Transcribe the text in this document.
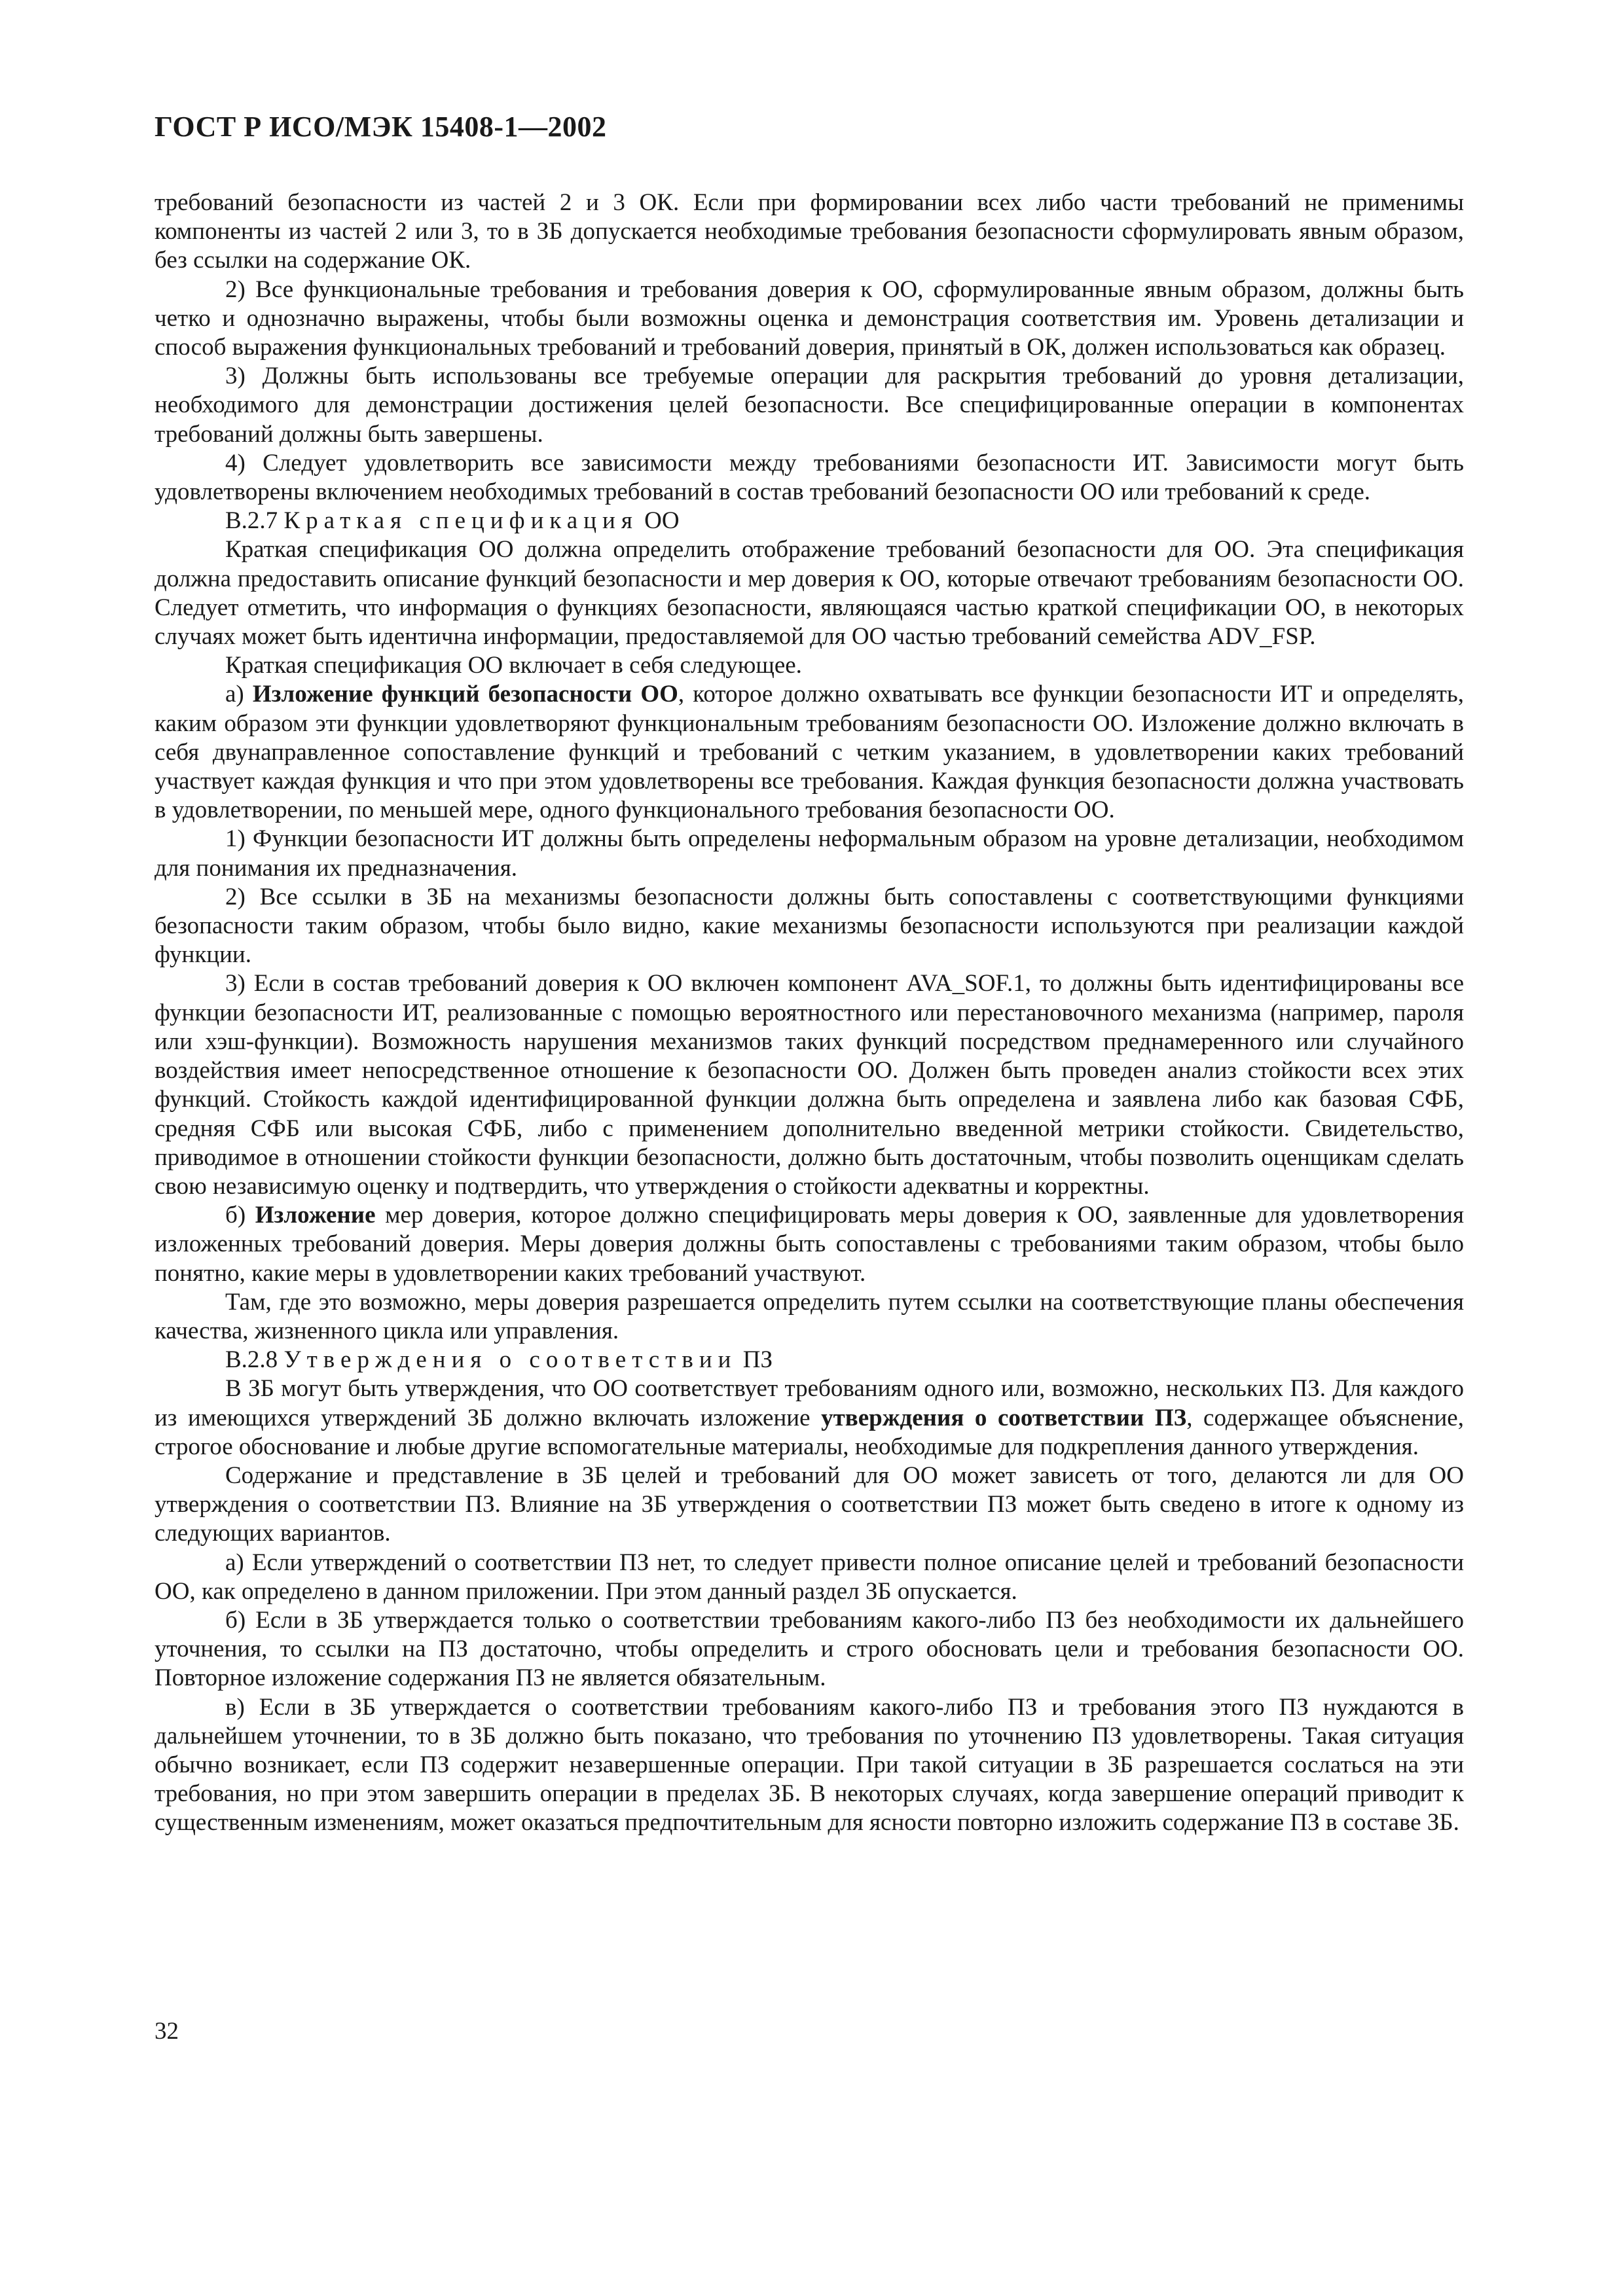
ГОСТ Р ИСО/МЭК 15408-1—2002

требований безопасности из частей 2 и 3 ОК. Если при формировании всех либо части требований не применимы компоненты из частей 2 или 3, то в ЗБ допускается необходимые требования безопасности сформулировать явным образом, без ссылки на содержание ОК.

2) Все функциональные требования и требования доверия к ОО, сформулированные явным образом, должны быть четко и однозначно выражены, чтобы были возможны оценка и демонстрация соответствия им. Уровень детализации и способ выражения функциональных требований и требований доверия, принятый в ОК, должен использоваться как образец.

3) Должны быть использованы все требуемые операции для раскрытия требований до уровня детализации, необходимого для демонстрации достижения целей безопасности. Все специфицированные операции в компонентах требований должны быть завершены.

4) Следует удовлетворить все зависимости между требованиями безопасности ИТ. Зависимости могут быть удовлетворены включением необходимых требований в состав требований безопасности ОО или требований к среде.

В.2.7 Краткая спецификация ОО

Краткая спецификация ОО должна определить отображение требований безопасности для ОО. Эта спецификация должна предоставить описание функций безопасности и мер доверия к ОО, которые отвечают требованиям безопасности ОО. Следует отметить, что информация о функциях безопасности, являющаяся частью краткой спецификации ОО, в некоторых случаях может быть идентична информации, предоставляемой для ОО частью требований семейства ADV_FSP.

Краткая спецификация ОО включает в себя следующее.

а) Изложение функций безопасности ОО, которое должно охватывать все функции безопасности ИТ и определять, каким образом эти функции удовлетворяют функциональным требованиям безопасности ОО. Изложение должно включать в себя двунаправленное сопоставление функций и требований с четким указанием, в удовлетворении каких требований участвует каждая функция и что при этом удовлетворены все требования. Каждая функция безопасности должна участвовать в удовлетворении, по меньшей мере, одного функционального требования безопасности ОО.

1) Функции безопасности ИТ должны быть определены неформальным образом на уровне детализации, необходимом для понимания их предназначения.

2) Все ссылки в ЗБ на механизмы безопасности должны быть сопоставлены с соответствующими функциями безопасности таким образом, чтобы было видно, какие механизмы безопасности используются при реализации каждой функции.

3) Если в состав требований доверия к ОО включен компонент AVA_SOF.1, то должны быть идентифицированы все функции безопасности ИТ, реализованные с помощью вероятностного или перестановочного механизма (например, пароля или хэш-функции). Возможность нарушения механизмов таких функций посредством преднамеренного или случайного воздействия имеет непосредственное отношение к безопасности ОО. Должен быть проведен анализ стойкости всех этих функций. Стойкость каждой идентифицированной функции должна быть определена и заявлена либо как базовая СФБ, средняя СФБ или высокая СФБ, либо с применением дополнительно введенной метрики стойкости. Свидетельство, приводимое в отношении стойкости функции безопасности, должно быть достаточным, чтобы позволить оценщикам сделать свою независимую оценку и подтвердить, что утверждения о стойкости адекватны и корректны.

б) Изложение мер доверия, которое должно специфицировать меры доверия к ОО, заявленные для удовлетворения изложенных требований доверия. Меры доверия должны быть сопоставлены с требованиями таким образом, чтобы было понятно, какие меры в удовлетворении каких требований участвуют.

Там, где это возможно, меры доверия разрешается определить путем ссылки на соответствующие планы обеспечения качества, жизненного цикла или управления.

В.2.8 Утверждения о соответствии ПЗ

В ЗБ могут быть утверждения, что ОО соответствует требованиям одного или, возможно, нескольких ПЗ. Для каждого из имеющихся утверждений ЗБ должно включать изложение утверждения о соответствии ПЗ, содержащее объяснение, строгое обоснование и любые другие вспомогательные материалы, необходимые для подкрепления данного утверждения.

Содержание и представление в ЗБ целей и требований для ОО может зависеть от того, делаются ли для ОО утверждения о соответствии ПЗ. Влияние на ЗБ утверждения о соответствии ПЗ может быть сведено в итоге к одному из следующих вариантов.

а) Если утверждений о соответствии ПЗ нет, то следует привести полное описание целей и требований безопасности ОО, как определено в данном приложении. При этом данный раздел ЗБ опускается.

б) Если в ЗБ утверждается только о соответствии требованиям какого-либо ПЗ без необходимости их дальнейшего уточнения, то ссылки на ПЗ достаточно, чтобы определить и строго обосновать цели и требования безопасности ОО. Повторное изложение содержания ПЗ не является обязательным.

в) Если в ЗБ утверждается о соответствии требованиям какого-либо ПЗ и требования этого ПЗ нуждаются в дальнейшем уточнении, то в ЗБ должно быть показано, что требования по уточнению ПЗ удовлетворены. Такая ситуация обычно возникает, если ПЗ содержит незавершенные операции. При такой ситуации в ЗБ разрешается сослаться на эти требования, но при этом завершить операции в пределах ЗБ. В некоторых случаях, когда завершение операций приводит к существенным изменениям, может оказаться предпочтительным для ясности повторно изложить содержание ПЗ в составе ЗБ.

32
